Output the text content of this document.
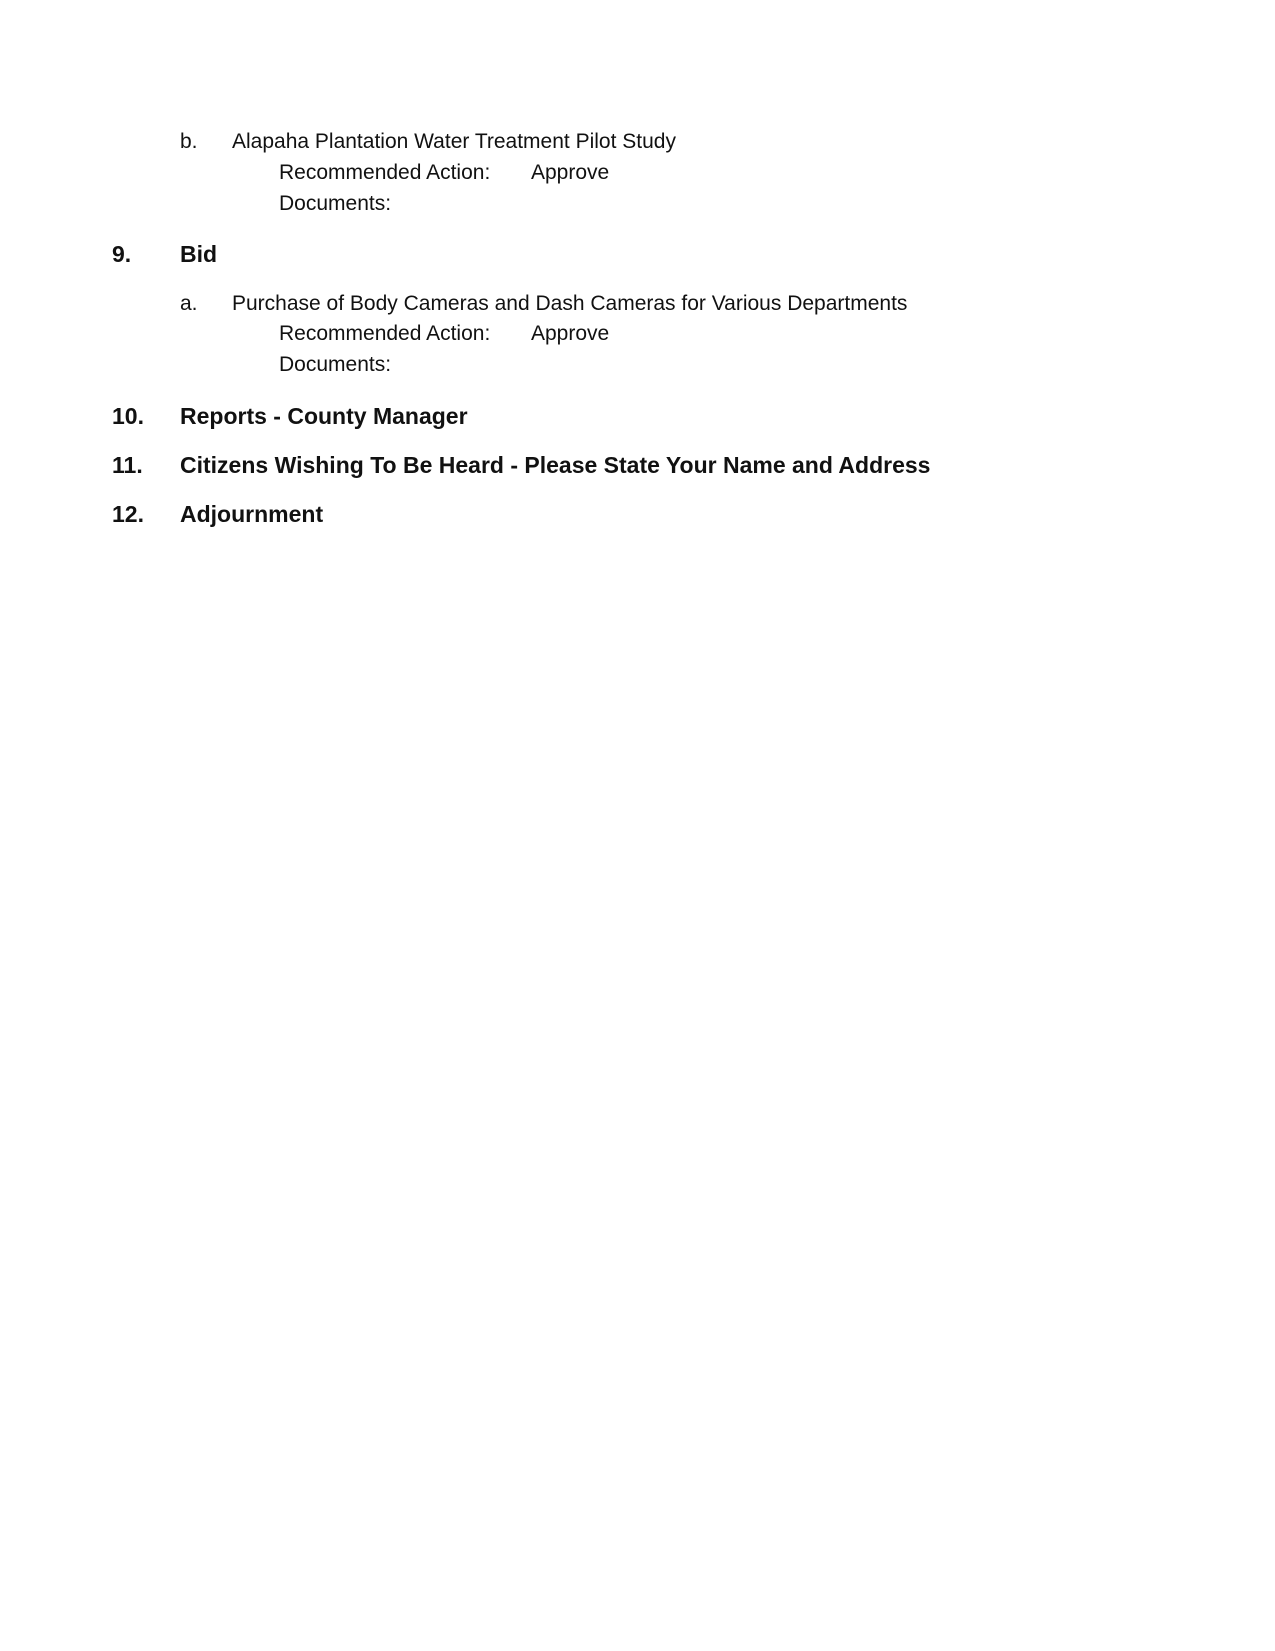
b. Alapaha Plantation Water Treatment Pilot Study
Recommended Action: Approve
Documents:
9. Bid
a. Purchase of Body Cameras and Dash Cameras for Various Departments
Recommended Action: Approve
Documents:
10. Reports - County Manager
11. Citizens Wishing To Be Heard - Please State Your Name and Address
12. Adjournment
